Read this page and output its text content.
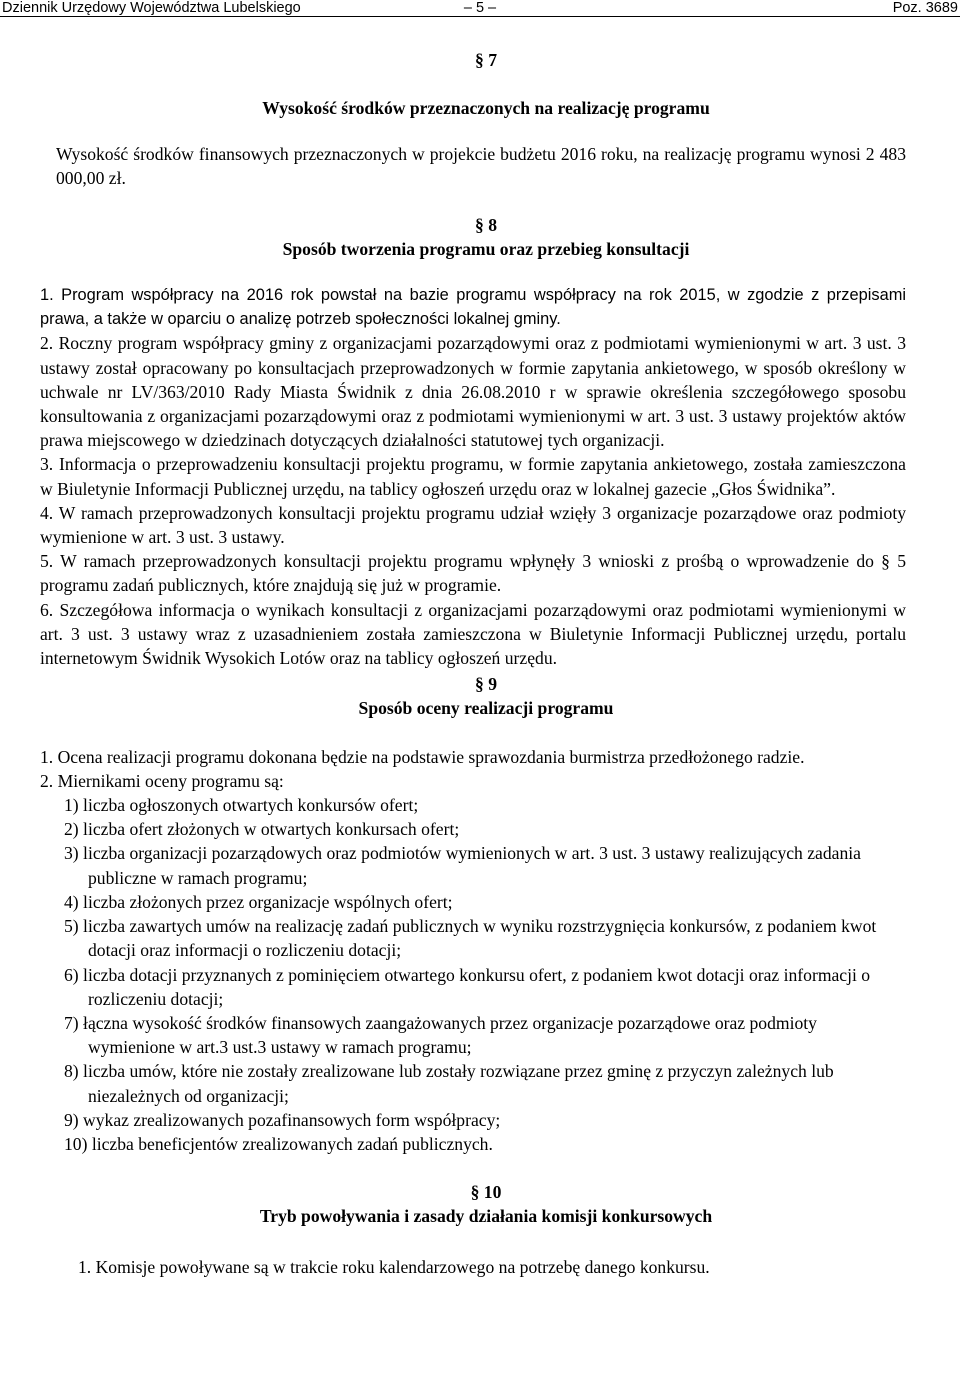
Dziennik Urzędowy Województwa Lubelskiego	– 5 –	Poz. 3689
§ 7
Wysokość środków przeznaczonych na realizację programu

Wysokość środków finansowych przeznaczonych w projekcie budżetu 2016 roku, na realizację programu wynosi 2 483 000,00 zł.

§ 8
Sposób tworzenia programu oraz przebieg konsultacji

1. Program współpracy na 2016 rok powstał na bazie programu współpracy na rok 2015, w zgodzie z przepisami prawa, a także w oparciu o analizę potrzeb społeczności lokalnej gminy.

2. Roczny program współpracy gminy z organizacjami pozarządowymi oraz z podmiotami wymienionymi w art. 3 ust. 3 ustawy został opracowany po konsultacjach przeprowadzonych w formie zapytania ankietowego, w sposób określony w uchwale nr LV/363/2010 Rady Miasta Świdnik z dnia 26.08.2010 r w sprawie określenia szczegółowego sposobu konsultowania z organizacjami pozarządowymi oraz z podmiotami wymienionymi w art. 3 ust. 3 ustawy projektów aktów prawa miejscowego w dziedzinach dotyczących działalności statutowej tych organizacji.

3. Informacja o przeprowadzeniu konsultacji projektu programu, w formie zapytania ankietowego, została zamieszczona w Biuletynie Informacji Publicznej urzędu, na tablicy ogłoszeń urzędu oraz w lokalnej gazecie „Głos Świdnika”.

4. W ramach przeprowadzonych konsultacji projektu programu udział wzięły 3 organizacje pozarządowe oraz podmioty wymienione w art. 3 ust. 3 ustawy.

5. W ramach przeprowadzonych konsultacji projektu programu wpłynęły 3 wnioski z prośbą o wprowadzenie do § 5 programu zadań publicznych, które znajdują się już w programie.

6. Szczegółowa informacja o wynikach konsultacji z organizacjami pozarządowymi oraz podmiotami wymienionymi w art. 3 ust. 3 ustawy wraz z uzasadnieniem została zamieszczona w Biuletynie Informacji Publicznej urzędu, portalu internetowym Świdnik Wysokich Lotów oraz na tablicy ogłoszeń urzędu.

§ 9
Sposób oceny realizacji programu

1. Ocena realizacji programu dokonana będzie na podstawie sprawozdania burmistrza przedłożonego radzie.

2. Miernikami oceny programu są:

1) liczba ogłoszonych otwartych konkursów ofert;

2) liczba ofert złożonych w otwartych konkursach ofert;

3) liczba organizacji pozarządowych oraz podmiotów wymienionych w art. 3 ust. 3 ustawy realizujących zadania publiczne w ramach programu;

4) liczba złożonych przez organizacje wspólnych ofert;

5) liczba zawartych umów na realizację zadań publicznych w wyniku rozstrzygnięcia konkursów, z podaniem kwot dotacji oraz informacji o rozliczeniu dotacji;

6) liczba dotacji przyznanych z pominięciem otwartego konkursu ofert, z podaniem kwot dotacji oraz informacji o rozliczeniu dotacji;

7) łączna wysokość środków finansowych zaangażowanych przez organizacje pozarządowe oraz podmioty wymienione w art.3 ust.3 ustawy w ramach programu;

8) liczba umów, które nie zostały zrealizowane lub zostały rozwiązane przez gminę z przyczyn zależnych lub niezależnych od organizacji;

9) wykaz zrealizowanych pozafinansowych form współpracy;

10) liczba beneficjentów zrealizowanych zadań publicznych.

§ 10
Tryb powoływania i zasady działania komisji konkursowych

1. Komisje powoływane są w trakcie roku kalendarzowego na potrzebę danego konkursu.
